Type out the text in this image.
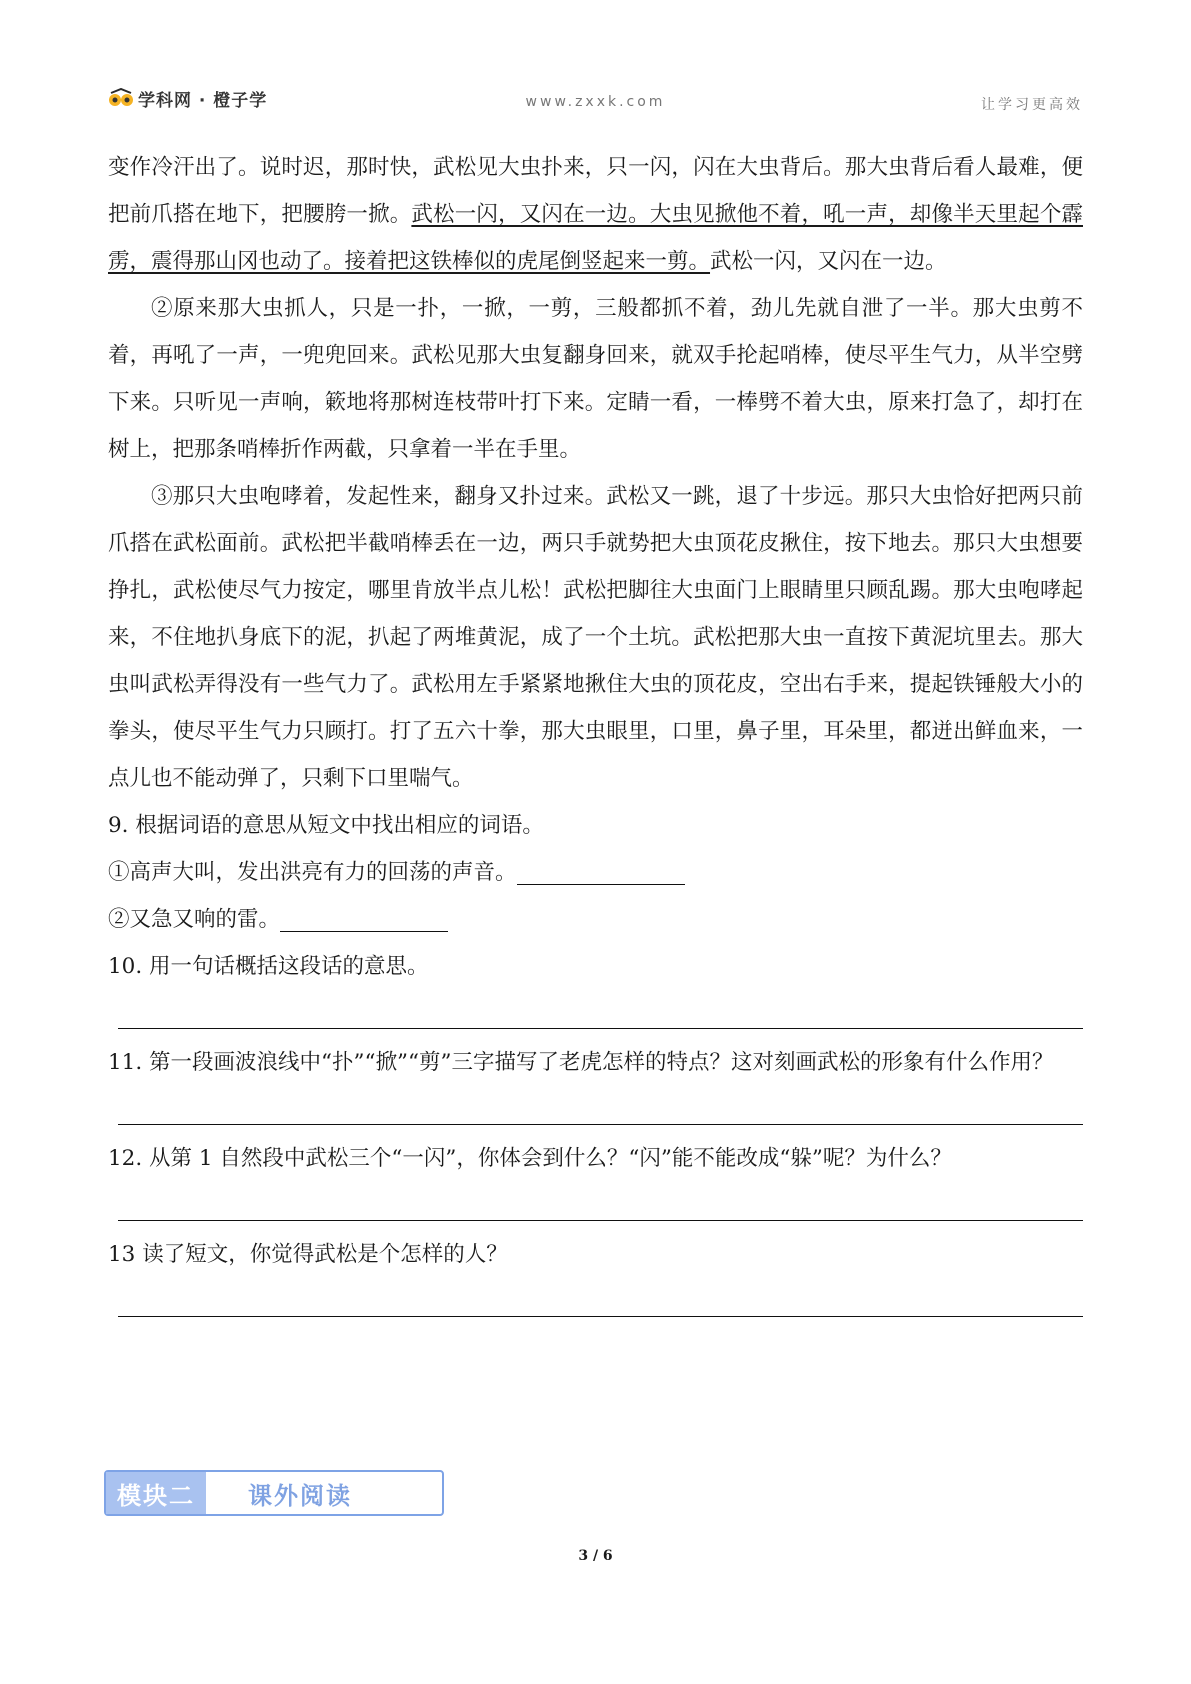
学科网 · 橙子学	www.zxxk.com	让学习更高效

变作冷汗出了。说时迟，那时快，武松见大虫扑来，只一闪，闪在大虫背后。那大虫背后看人最难，便把前爪搭在地下，把腰胯一掀。武松一闪，又闪在一边。大虫见掀他不着，吼一声，却像半天里起个霹雳，震得那山冈也动了。接着把这铁棒似的虎尾倒竖起来一剪。武松一闪，又闪在一边。

②原来那大虫抓人，只是一扑，一掀，一剪，三般都抓不着，劲儿先就自泄了一半。那大虫剪不着，再吼了一声，一兜兜回来。武松见那大虫复翻身回来，就双手抡起哨棒，使尽平生气力，从半空劈下来。只听见一声响，簌地将那树连枝带叶打下来。定睛一看，一棒劈不着大虫，原来打急了，却打在树上，把那条哨棒折作两截，只拿着一半在手里。

③那只大虫咆哮着，发起性来，翻身又扑过来。武松又一跳，退了十步远。那只大虫恰好把两只前爪搭在武松面前。武松把半截哨棒丢在一边，两只手就势把大虫顶花皮揪住，按下地去。那只大虫想要挣扎，武松使尽气力按定，哪里肯放半点儿松！武松把脚往大虫面门上眼睛里只顾乱踢。那大虫咆哮起来，不住地扒身底下的泥，扒起了两堆黄泥，成了一个土坑。武松把那大虫一直按下黄泥坑里去。那大虫叫武松弄得没有一些气力了。武松用左手紧紧地揪住大虫的顶花皮，空出右手来，提起铁锤般大小的拳头，使尽平生气力只顾打。打了五六十拳，那大虫眼里，口里，鼻子里，耳朵里，都迸出鲜血来，一点儿也不能动弹了，只剩下口里喘气。

9. 根据词语的意思从短文中找出相应的词语。

①高声大叫，发出洪亮有力的回荡的声音。

②又急又响的雷。

10. 用一句话概括这段话的意思。

11. 第一段画波浪线中“扑”“掀”“剪”三字描写了老虎怎样的特点？这对刻画武松的形象有什么作用？

12. 从第 1 自然段中武松三个“一闪”，你体会到什么？“闪”能不能改成“躲”呢？为什么？

13 读了短文，你觉得武松是个怎样的人？

模块二	课外阅读
3 / 6
